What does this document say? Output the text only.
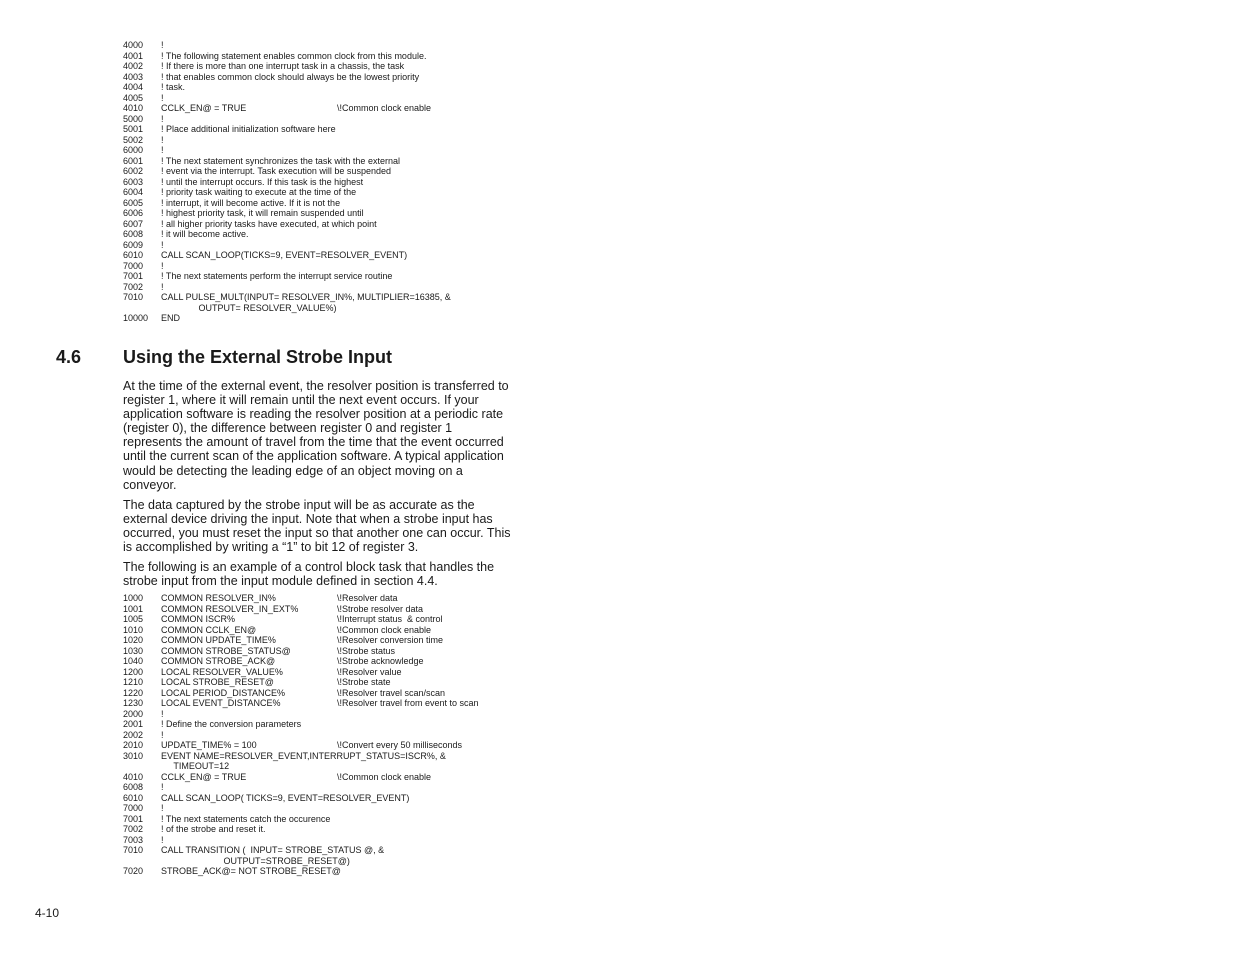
4000	!
4001	! The following statement enables common clock from this module.
4002	! If there is more than one interrupt task in a chassis, the task
4003	! that enables common clock should always be the lowest priority
4004	! task.
4005	!
4010	CCLK_EN@ = TRUE	\!Common clock enable
5000	!
5001	! Place additional initialization software here
5002	!
6000	!
6001	! The next statement synchronizes the task with the external
6002	! event via the interrupt. Task execution will be suspended
6003	! until the interrupt occurs. If this task is the highest
6004	! priority task waiting to execute at the time of the
6005	! interrupt, it will become active. If it is not the
6006	! highest priority task, it will remain suspended until
6007	! all higher priority tasks have executed, at which point
6008	! it will become active.
6009	!
6010	CALL SCAN_LOOP(TICKS=9, EVENT=RESOLVER_EVENT)
7000	!
7001	! The next statements perform the interrupt service routine
7002	!
7010	CALL PULSE_MULT(INPUT= RESOLVER_IN%, MULTIPLIER=16385, &
OUTPUT= RESOLVER_VALUE%)
10000	END
4.6 Using the External Strobe Input

At the time of the external event, the resolver position is transferred to register 1, where it will remain until the next event occurs. If your application software is reading the resolver position at a periodic rate (register 0), the difference between register 0 and register 1 represents the amount of travel from the time that the event occurred until the current scan of the application software. A typical application would be detecting the leading edge of an object moving on a conveyor.

The data captured by the strobe input will be as accurate as the external device driving the input. Note that when a strobe input has occurred, you must reset the input so that another one can occur. This is accomplished by writing a “1” to bit 12 of register 3.

The following is an example of a control block task that handles the strobe input from the input module defined in section 4.4.

1000	COMMON RESOLVER_IN%	\!Resolver data
1001	COMMON RESOLVER_IN_EXT%	\!Strobe resolver data
1005	COMMON ISCR%	\!Interrupt status  & control
1010	COMMON CCLK_EN@	\!Common clock enable
1020	COMMON UPDATE_TIME%	\!Resolver conversion time
1030	COMMON STROBE_STATUS@	\!Strobe status
1040	COMMON STROBE_ACK@	\!Strobe acknowledge
1200	LOCAL RESOLVER_VALUE%	\!Resolver value
1210	LOCAL STROBE_RESET@	\!Strobe state
1220	LOCAL PERIOD_DISTANCE%	\!Resolver travel scan/scan
1230	LOCAL EVENT_DISTANCE%	\!Resolver travel from event to scan
2000	!
2001	! Define the conversion parameters
2002	!
2010	UPDATE_TIME% = 100	\!Convert every 50 milliseconds
3010	EVENT NAME=RESOLVER_EVENT,INTERRUPT_STATUS=ISCR%, &
TIMEOUT=12
4010	CCLK_EN@ = TRUE	\!Common clock enable
6008	!
6010	CALL SCAN_LOOP( TICKS=9, EVENT=RESOLVER_EVENT)
7000	!
7001	! The next statements catch the occurence
7002	! of the strobe and reset it.
7003	!
7010	CALL TRANSITION (  INPUT= STROBE_STATUS @, &
OUTPUT=STROBE_RESET@)
7020	STROBE_ACK@= NOT STROBE_RESET@
4-10
